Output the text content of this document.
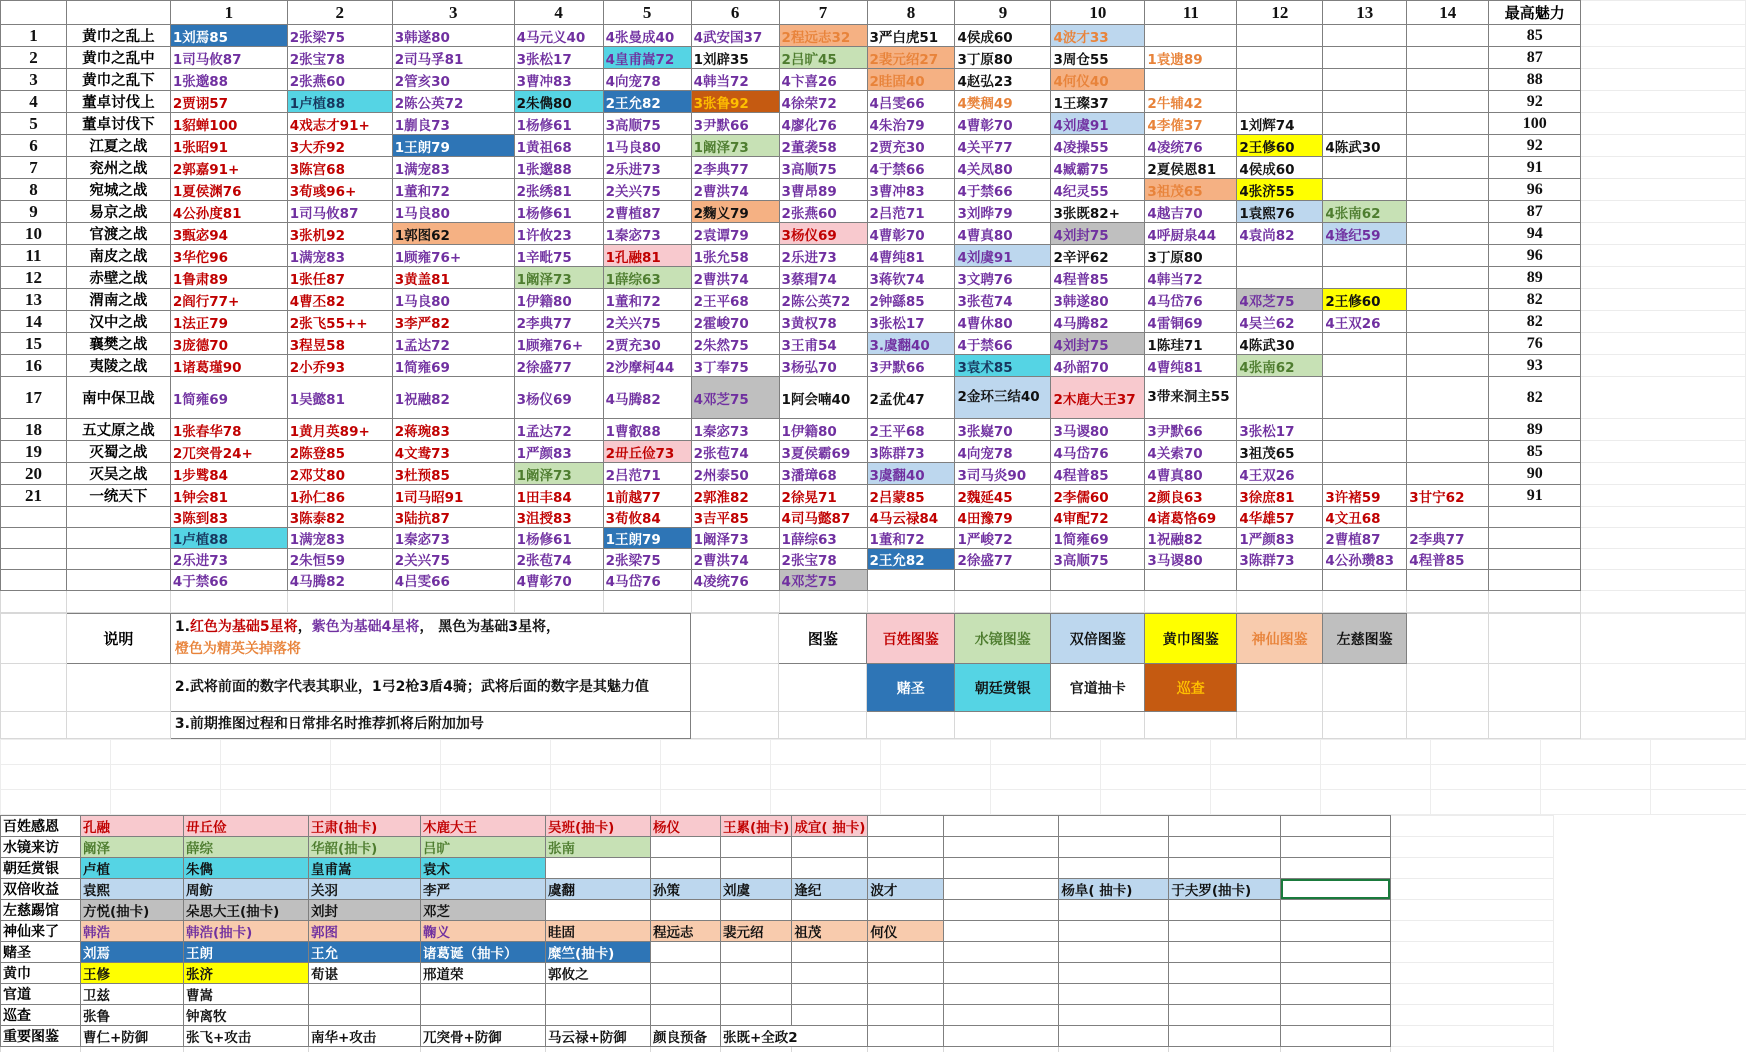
		1	2	3	4	5	6	7	8	9	10	11	12	13	14	最高魅力	
1	黄巾之乱上	1刘焉85	2张梁75	3韩遂80	4马元义40	4张曼成40	4武安国37	2程远志32	3严白虎51	4侯成60	4波才33					85	
2	黄巾之乱中	1司马攸87	2张宝78	2司马孚81	3张松17	4皇甫嵩72	1刘辟35	2吕旷45	2裴元绍27	3丁原80	3周仓55	1袁遗89				87	
3	黄巾之乱下	1张邈88	2张燕60	2管亥30	3曹冲83	4向宠78	4韩当72	4卞喜26	2眭固40	4赵弘23	4何仪40					88	
4	董卓讨伐上	2贾诩57	1卢植88	2陈公英72	2朱儁80	2王允82	3张鲁92	4徐荣72	4吕雯66	4樊稠49	1王璨37	2牛辅42				92	
5	董卓讨伐下	1貂蝉100	4戏志才91+	1蒯良73	1杨修61	3高顺75	3尹默66	4廖化76	4朱治79	4曹彰70	4刘虞91	4李傕37	1刘辉74			100	
6	江夏之战	1张昭91	3大乔92	1王朗79	1黄祖68	1马良80	1阚泽73	2董袭58	2贾充30	4关平77	4凌操55	4凌统76	2王修60	4陈武30		92	
7	兖州之战	2郭嘉91+	3陈宫68	1满宠83	1张邈88	2乐进73	2李典77	3高顺75	4于禁66	4关凤80	4臧霸75	2夏侯恩81	4侯成60			91	
8	宛城之战	1夏侯渊76	3荀彧96+	1董和72	2张绣81	2关兴75	2曹洪74	3曹昂89	3曹冲83	4于禁66	4纪灵55	3祖茂65	4张济55			96	
9	易京之战	4公孙度81	1司马攸87	1马良80	1杨修61	2曹植87	2麴义79	2张燕60	2吕范71	3刘晔79	3张既82+	4越吉70	1袁熙76	4张南62		87	
10	官渡之战	3甄宓94	3张机92	1郭图62	1许攸23	1秦宓73	2袁谭79	3杨仪69	4曹彰70	4曹真80	4刘封75	4呼厨泉44	4袁尚82	4逢纪59		94	
11	南皮之战	3华佗96	1满宠83	1顾雍76+	1辛毗75	1孔融81	1张允58	2乐进73	4曹纯81	4刘虞91	2辛评62	3丁原80				96	
12	赤壁之战	1鲁肃89	1张任87	3黄盖81	1阚泽73	1薛综63	2曹洪74	3蔡瑁74	3蒋钦74	3文聘76	4程普85	4韩当72				89	
13	渭南之战	2阎行77+	4曹丕82	1马良80	1伊籍80	1董和72	2王平68	2陈公英72	2钟繇85	3张苞74	3韩遂80	4马岱76	4邓芝75	2王修60		82	
14	汉中之战	1法正79	2张飞55++	3李严82	2李典77	2关兴75	2霍峻70	3黄权78	3张松17	4曹休80	4马腾82	4雷铜69	4吴兰62	4王双26		82	
15	襄樊之战	3庞德70	3程昱58	1孟达72	1顾雍76+	2贾充30	2朱然75	3王甫54	3.虞翻40	4于禁66	4刘封75	1陈珪71	4陈武30			76	
16	夷陵之战	1诸葛瑾90	2小乔93	1简雍69	2徐盛77	2沙摩柯44	3丁奉75	3杨弘70	3尹默66	3袁术85	4孙韶70	4曹纯81	4张南62			93	
17	南中保卫战	1简雍69	1吴懿81	1祝融82	3杨仪69	4马腾82	4邓芝75	1阿会喃40	2孟优47	2金环三结40	2木鹿大王37	3带来洞主55				82	
18	五丈原之战	1张春华78	1黄月英89+	2蒋琬83	1孟达72	1曹叡88	1秦宓73	1伊籍80	2王平68	3张嶷70	3马谡80	3尹默66	3张松17			89	
19	灭蜀之战	2兀突骨24+	2陈登85	4文鸯73	1严颜83	2毌丘俭73	2张苞74	3夏侯霸69	3陈群73	4向宠78	4马岱76	4关索70	3祖茂65			85	
20	灭吴之战	1步骘84	2邓艾80	3杜预85	1阚泽73	2吕范71	2州泰50	3潘璋68	3虞翻40	3司马炎90	4程普85	4曹真80	4王双26			90	
21	一统天下	1钟会81	1孙仁86	1司马昭91	1田丰84	1前越77	2郭淮82	2徐晃71	2吕蒙85	2魏延45	2李儒60	2颜良63	3徐庶81	3许褚59	3甘宁62	91	
		3陈到83	3陈泰82	3陆抗87	3沮授83	3荀攸84	3吉平85	4司马懿87	4马云禄84	4田豫79	4审配72	4诸葛恪69	4华雄57	4文丑68			
		1卢植88	1满宠83	1秦宓73	1杨修61	1王朗79	1阚泽73	1薛综63	1董和72	1严峻72	1简雍69	1祝融82	1严颜83	2曹植87	2李典77		
		2乐进73	2朱恒59	2关兴75	2张苞74	2张梁75	2曹洪74	2张宝78	2王允82	2徐盛77	3高顺75	3马谡80	3陈群73	4公孙瓒83	4程普85		
		4于禁66	4马腾82	4吕雯66	4曹彰70	4马岱76	4凌统76	4邓芝75									

	说明	1.红色为基础5星将，紫色为基础4星将， 黑色为基础3星将，
橙色为精英关掉落将		图鉴	百姓图鉴	水镜图鉴	双倍图鉴	黄巾图鉴	神仙图鉴	左慈图鉴			
		2.武将前面的数字代表其职业，1弓2枪3盾4骑；武将后面的数字是其魅力值			赌圣	朝廷赏银	官道抽卡	巡查					
		3.前期推图过程和日常排名时推荐抓将后附加加号											
百姓感恩	孔融	毌丘俭	王肃(抽卡)	木鹿大王	吴班(抽卡)	杨仪	王累(抽卡)	成宜( 抽卡)						
水镜来访	阚泽	薛综	华韶(抽卡)	吕旷	张南									
朝廷赏银	卢植	朱儁	皇甫嵩	袁术										
双倍收益	袁熙	周鲂	关羽	李严	虞翻	孙策	刘虞	逢纪	波才		杨阜( 抽卡)	于夫罗(抽卡)		
左慈踢馆	方悦(抽卡)	朵思大王(抽卡)	刘封	邓芝										
神仙来了	韩浩	韩浩(抽卡)	郭图	鞠义	眭固	程远志	裴元绍	祖茂	何仪					
赌圣	刘焉	王朗	王允	诸葛诞（抽卡）	糜竺(抽卡)									
黄巾	王修	张济	荀谌	邢道荣	郭攸之									
官道	卫兹	曹嵩												
巡查	张鲁	钟离牧												
重要图鉴	曹仁+防御	张飞+攻击	南华+攻击	兀突骨+防御	马云禄+防御	颜良预备	张既+全政2							
